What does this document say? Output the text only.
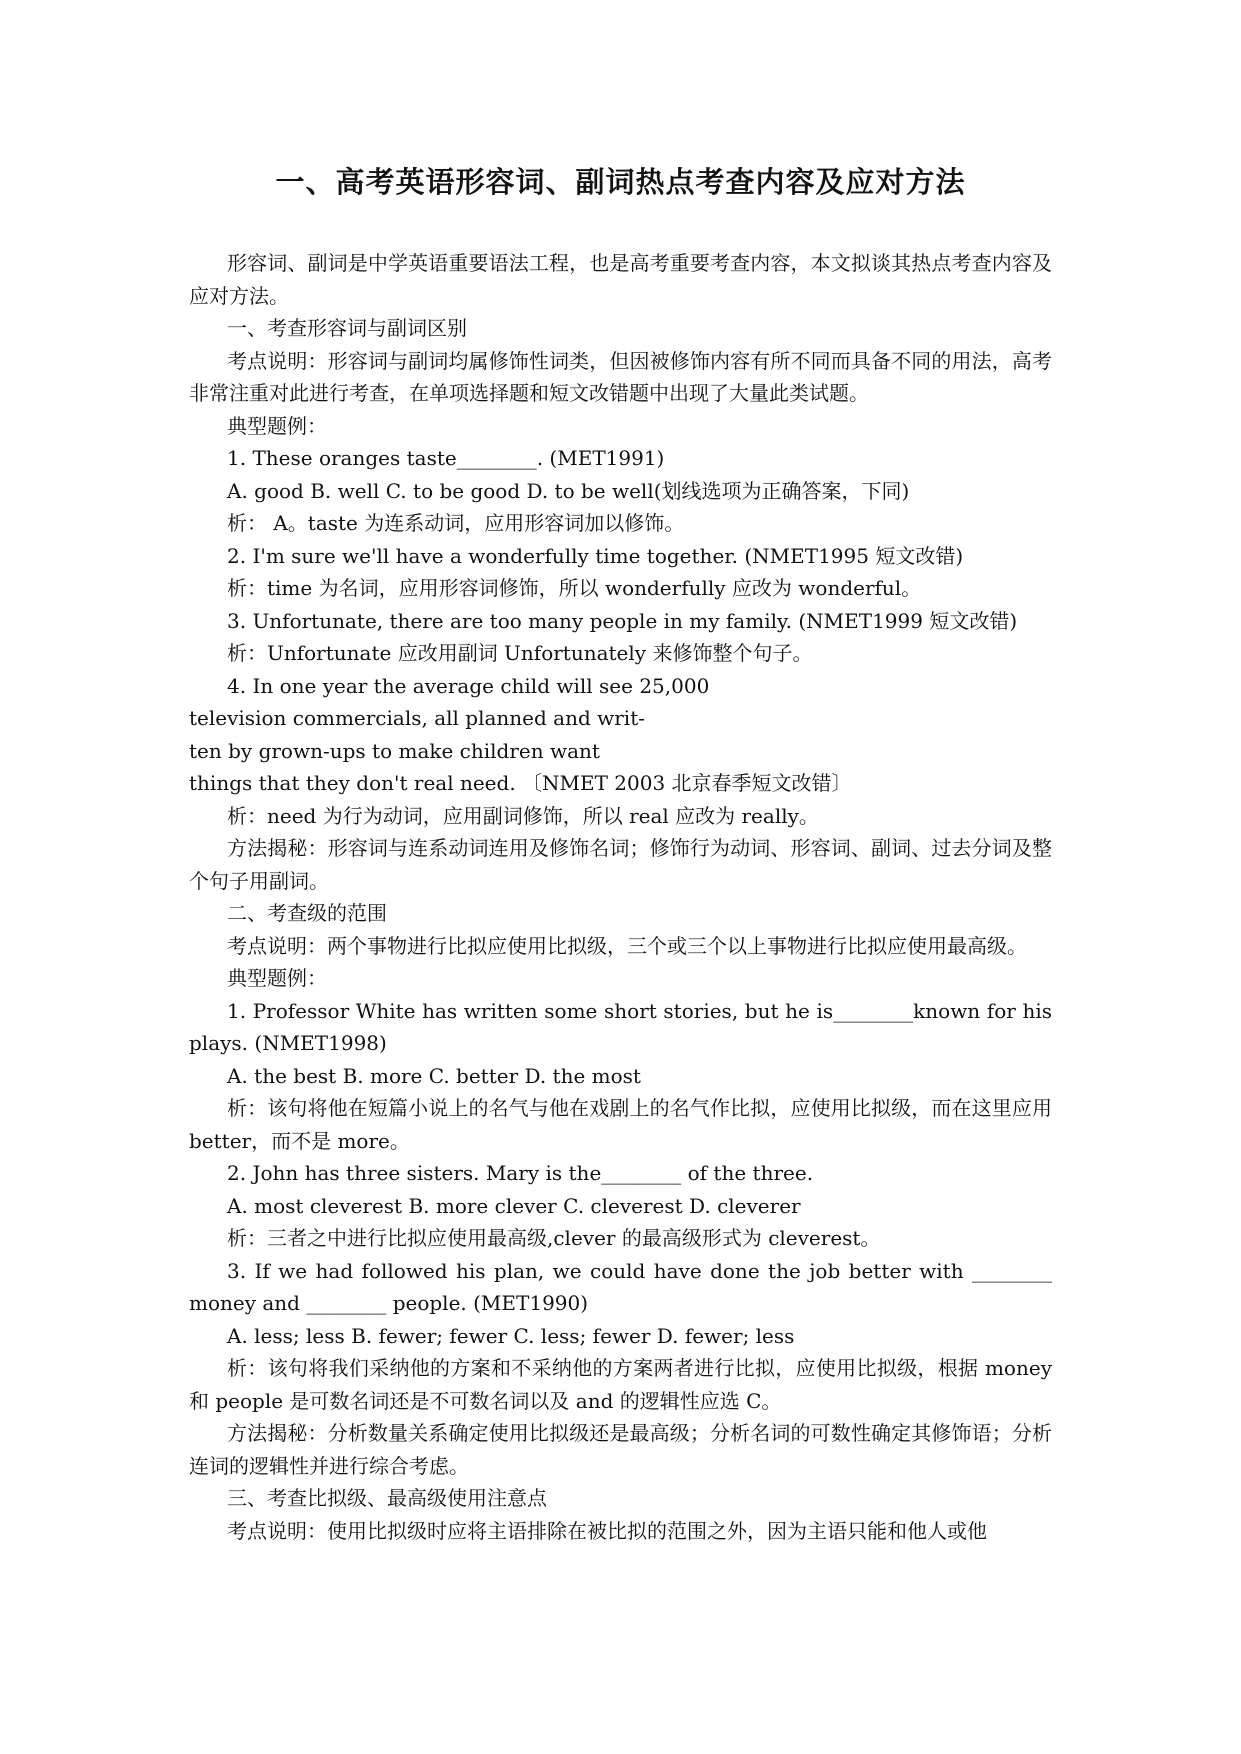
一、高考英语形容词、副词热点考查内容及应对方法

形容词、副词是中学英语重要语法工程，也是高考重要考查内容，本文拟谈其热点考查内容及应对方法。

一、考查形容词与副词区别

考点说明：形容词与副词均属修饰性词类，但因被修饰内容有所不同而具备不同的用法，高考非常注重对此进行考查，在单项选择题和短文改错题中出现了大量此类试题。

典型题例：

1. These oranges taste________. (MET1991)

A. good B. well C. to be good D. to be well(划线选项为正确答案，下同)

析： A。taste 为连系动词，应用形容词加以修饰。

2. I'm sure we'll have a wonderfully time together. (NMET1995 短文改错)

析：time 为名词，应用形容词修饰，所以 wonderfully 应改为 wonderful。

3. Unfortunate, there are too many people in my family. (NMET1999 短文改错)

析：Unfortunate 应改用副词 Unfortunately 来修饰整个句子。

4. In one year the average child will see 25,000

television commercials, all planned and writ-

ten by grown-ups to make children want

things that they don't real need. 〔NMET 2003 北京春季短文改错〕

析：need 为行为动词，应用副词修饰，所以 real 应改为 really。

方法揭秘：形容词与连系动词连用及修饰名词；修饰行为动词、形容词、副词、过去分词及整个句子用副词。

二、考查级的范围

考点说明：两个事物进行比拟应使用比拟级，三个或三个以上事物进行比拟应使用最高级。

典型题例：

1. Professor White has written some short stories, but he is________known for his plays. (NMET1998)

A. the best B. more C. better D. the most

析：该句将他在短篇小说上的名气与他在戏剧上的名气作比拟，应使用比拟级，而在这里应用 better，而不是 more。

2. John has three sisters. Mary is the________ of the three.

A. most cleverest B. more clever C. cleverest D. cleverer

析：三者之中进行比拟应使用最高级,clever 的最高级形式为 cleverest。

3. If we had followed his plan, we could have done the job better with ________ money and ________ people. (MET1990)

A. less; less B. fewer; fewer C. less; fewer D. fewer; less

析：该句将我们采纳他的方案和不采纳他的方案两者进行比拟，应使用比拟级，根据 money 和 people 是可数名词还是不可数名词以及 and 的逻辑性应选 C。

方法揭秘：分析数量关系确定使用比拟级还是最高级；分析名词的可数性确定其修饰语；分析连词的逻辑性并进行综合考虑。

三、考查比拟级、最高级使用注意点

考点说明：使用比拟级时应将主语排除在被比拟的范围之外，因为主语只能和他人或他
